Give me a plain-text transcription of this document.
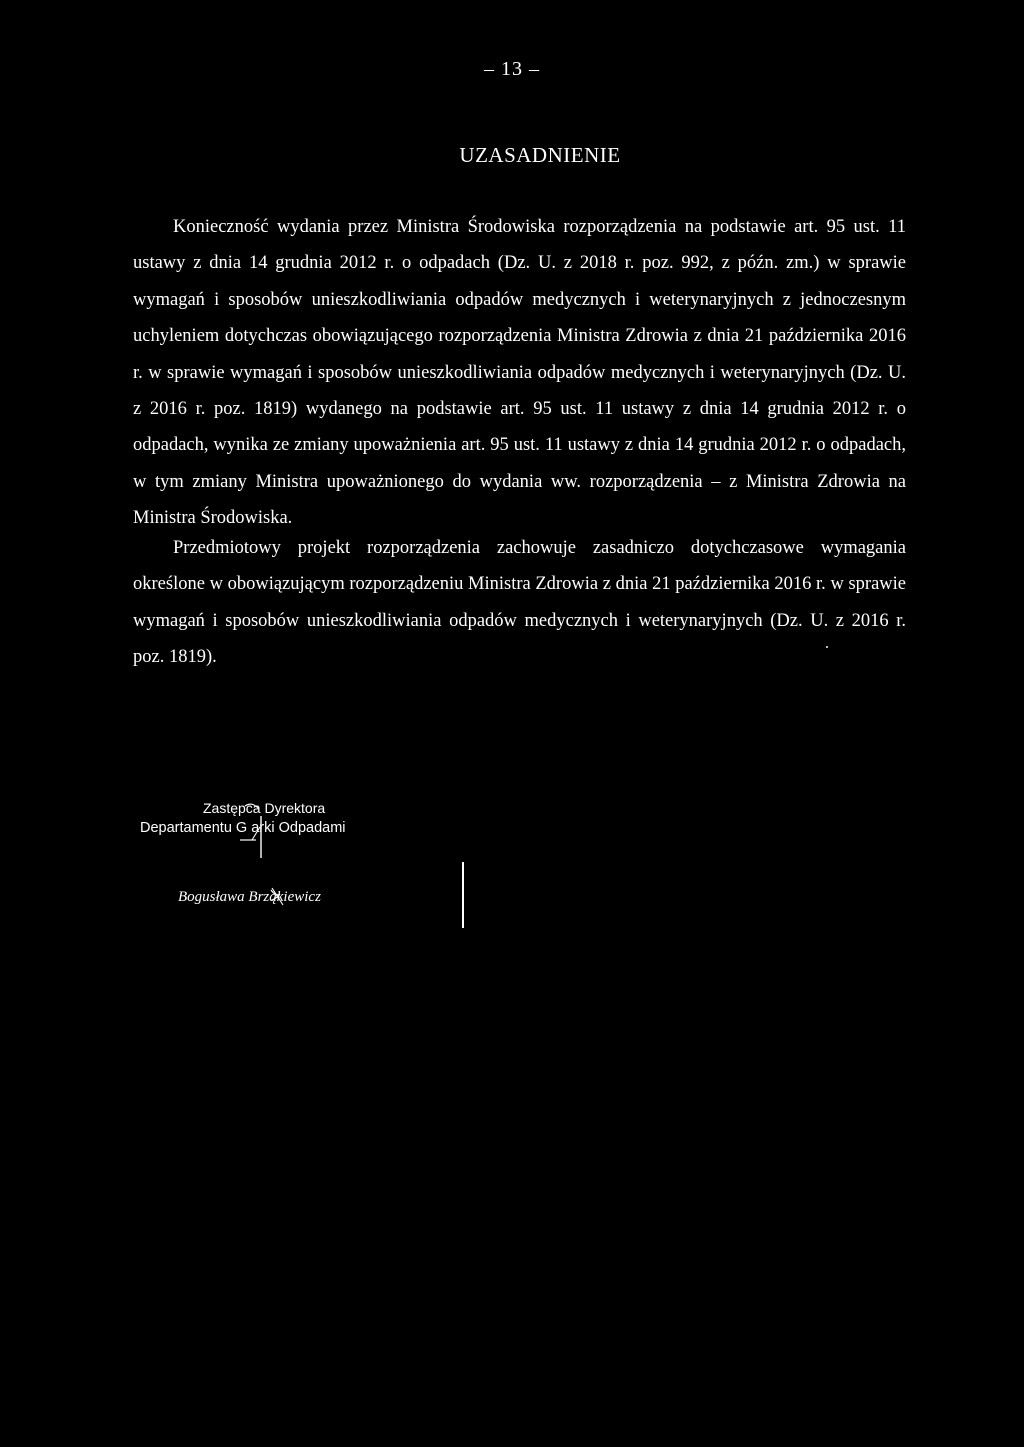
– 13 –
UZASADNIENIE

Konieczność wydania przez Ministra Środowiska rozporządzenia na podstawie art. 95 ust. 11 ustawy z dnia 14 grudnia 2012 r. o odpadach (Dz. U. z 2018 r. poz. 992, z późn. zm.) w sprawie wymagań i sposobów unieszkodliwiania odpadów medycznych i weterynaryjnych z jednoczesnym uchyleniem dotychczas obowiązującego rozporządzenia Ministra Zdrowia z dnia 21 października 2016 r. w sprawie wymagań i sposobów unieszkodliwiania odpadów medycznych i weterynaryjnych (Dz. U. z 2016 r. poz. 1819) wydanego na podstawie art. 95 ust. 11 ustawy z dnia 14 grudnia 2012 r. o odpadach, wynika ze zmiany upoważnienia art. 95 ust. 11 ustawy z dnia 14 grudnia 2012 r. o odpadach, w tym zmiany Ministra upoważnionego do wydania ww. rozporządzenia – z Ministra Zdrowia na Ministra Środowiska.

Przedmiotowy projekt rozporządzenia zachowuje zasadniczo dotychczasowe wymagania określone w obowiązującym rozporządzeniu Ministra Zdrowia z dnia 21 października 2016 r. w sprawie wymagań i sposobów unieszkodliwiania odpadów medycznych i weterynaryjnych (Dz. U. z 2016 r. poz. 1819).

Zastępca Dyrektora
Departamentu G arki Odpadami
Bogusława Brząkiewicz
